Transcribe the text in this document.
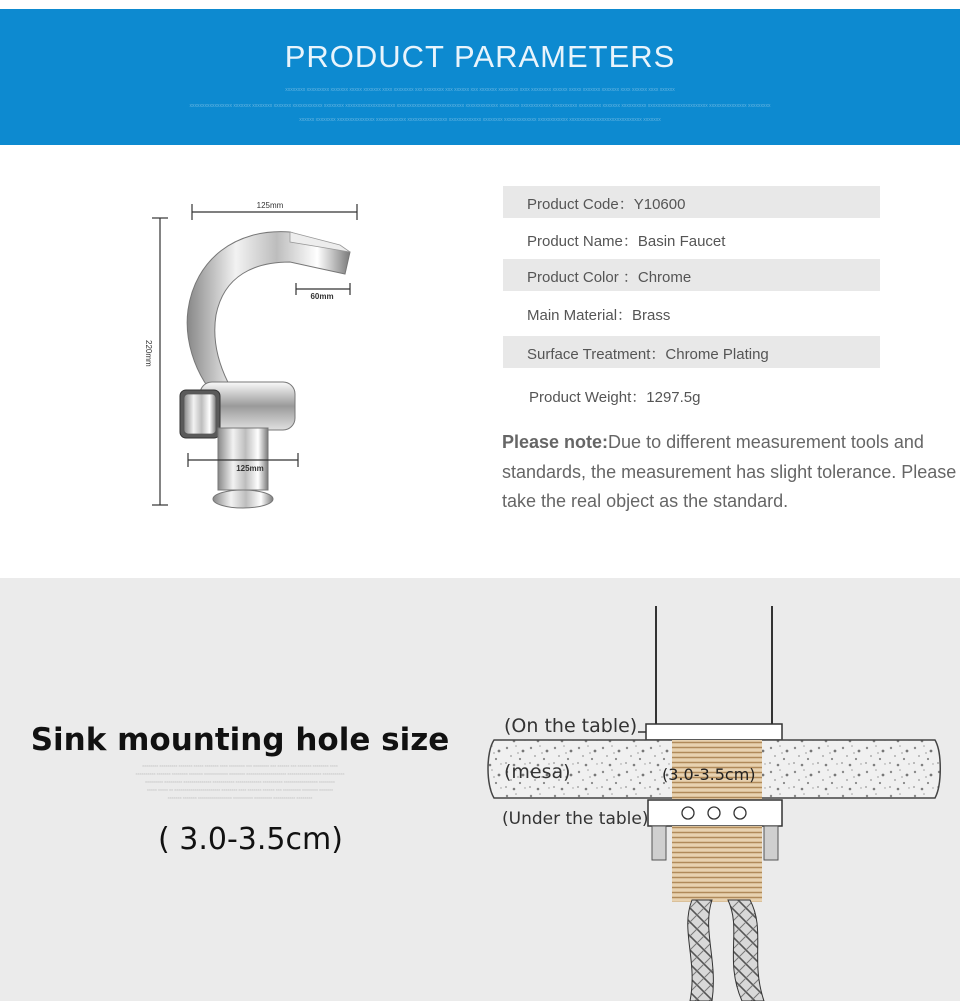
PRODUCT PARAMETERS
xxxxxxxx xxxxxxxxx xxxxxxx xxxxx xxxxxxx xxxx xxxxxxxx xxx xxxxxxxx xxx xxxxxx xxx xxxxxxx xxxxxxxx xxxx xxxxxxxx xxxxxx xxxxx xxxxxxx xxxxxxx xxxx xxxxxx xxxx xxxxxx
xxxxxxxxxxxxxxxxx xxxxxxx xxxxxxxx xxxxxxx xxxxxxxxxxxx xxxxxxxx xxxxxxxxxxxxxxxxxxxx xxxxxxxxxxxxxxxxxxxxxxxxxxx xxxxxxxxxxxxx xxxxxxxx xxxxxxxxxxxx xxxxxxxxxx xxxxxxxxx xxxxxxx xxxxxxxxxx xxxxxxxxxxxxxxxxxxxxxxxx xxxxxxxxxxxxxxx xxxxxxxxx
xxxxxx xxxxxxxx xxxxxxxxxxxxxxx xxxxxxxxxxxx xxxxxxxxxxxxxxxx xxxxxxxxxxxxx xxxxxxxx xxxxxxxxxxxxx xxxxxxxxxxxx xxxxxxxxxxxxxxxxxxxxxxxxxxxxx xxxxxxx
125mm
220mm
60mm
125mm
Product Code：Y10600
Product Name：Basin Faucet
Product Color ：Chrome
Main Material：Brass
Surface Treatment：Chrome Plating
Product Weight：1297.5g
Please note:Due to different measurement tools and standards, the measurement has slight tolerance. Please take the real object as the standard.
Sink mounting hole size
xxxxxxxx xxxxxxxxx xxxxxxx xxxxx xxxxxxx xxxx xxxxxxxx xxx xxxxxxxx xxx xxxxxx xxx xxxxxxx xxxxxxxx xxxx
xxxxxxxxxx xxxxxxx xxxxxxxx xxxxxxx xxxxxxxxxxxx xxxxxxxx xxxxxxxxxxxxxxxxxxxx xxxxxxxxxxxxxxxxx xxxxxxxxxxx
xxxxxxxxx xxxxxxxxx xxxxxxxxxxxxxx xxxxxxxxxxx xxxxxxxxxxxxx xxxxxxxxxx xxxxxxxxxxxxxxxxx xxxxxxxx
xxxxx xxxxx xx xxxxxxxxxxxxxxxxxxxxxxx xxxxxxxx xxxx xxxxxxx xxxxxx xxx xxxxxxxxx xxxxxxxx xxxxxxx
xxxxxxx xxxxxxx xxxxxxxxxxxxxxxxx xxxxxxxxxx xxxxxxxxx xxxxxxxxxxx xxxxxxxx
( 3.0-3.5cm)
(On the table)
(mesa)	(3.0-3.5cm)
(Under the table)
